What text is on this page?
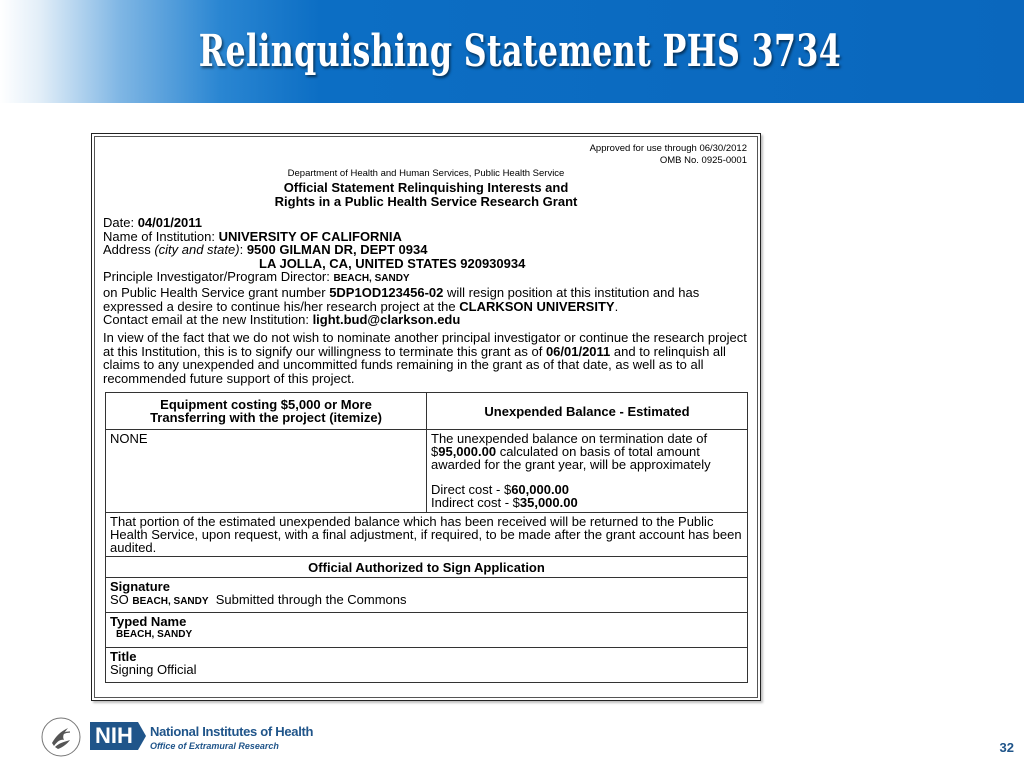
Relinquishing Statement PHS 3734
Approved for use through 06/30/2012
OMB No. 0925-0001
Department of Health and Human Services, Public Health Service
Official Statement Relinquishing Interests and
Rights in a Public Health Service Research Grant
Date: 04/01/2011
Name of Institution: UNIVERSITY OF CALIFORNIA
Address (city and state): 9500 GILMAN DR, DEPT 0934
LA JOLLA, CA, UNITED STATES 920930934
Principle Investigator/Program Director: BEACH, SANDY
on Public Health Service grant number 5DP1OD123456-02 will resign position at this institution and has
expressed a desire to continue his/her research project at the CLARKSON UNIVERSITY.
Contact email at the new Institution: light.bud@clarkson.edu
In view of the fact that we do not wish to nominate another principal investigator or continue the research project at this Institution, this is to signify our willingness to terminate this grant as of 06/01/2011 and to relinquish all claims to any unexpended and uncommitted funds remaining in the grant as of that date, as well as to all recommended future support of this project.
Equipment costing $5,000 or More
Transferring with the project (itemize)	Unexpended Balance - Estimated
NONE	The unexpended balance on termination date of $95,000.00 calculated on basis of total amount awarded for the grant year, will be approximately
Direct cost - $60,000.00
Indirect cost - $35,000.00

That portion of the estimated unexpended balance which has been received will be returned to the Public Health Service, upon request, with a final adjustment, if required, to be made after the grant account has been audited.	
Official Authorized to Sign Application	

Signature
SO BEACH, SANDY  Submitted through the Commons	

Typed Name
BEACH, SANDY	

Title
Signing Official	
NIH	National Institutes of Health
Office of Extramural Research	32
